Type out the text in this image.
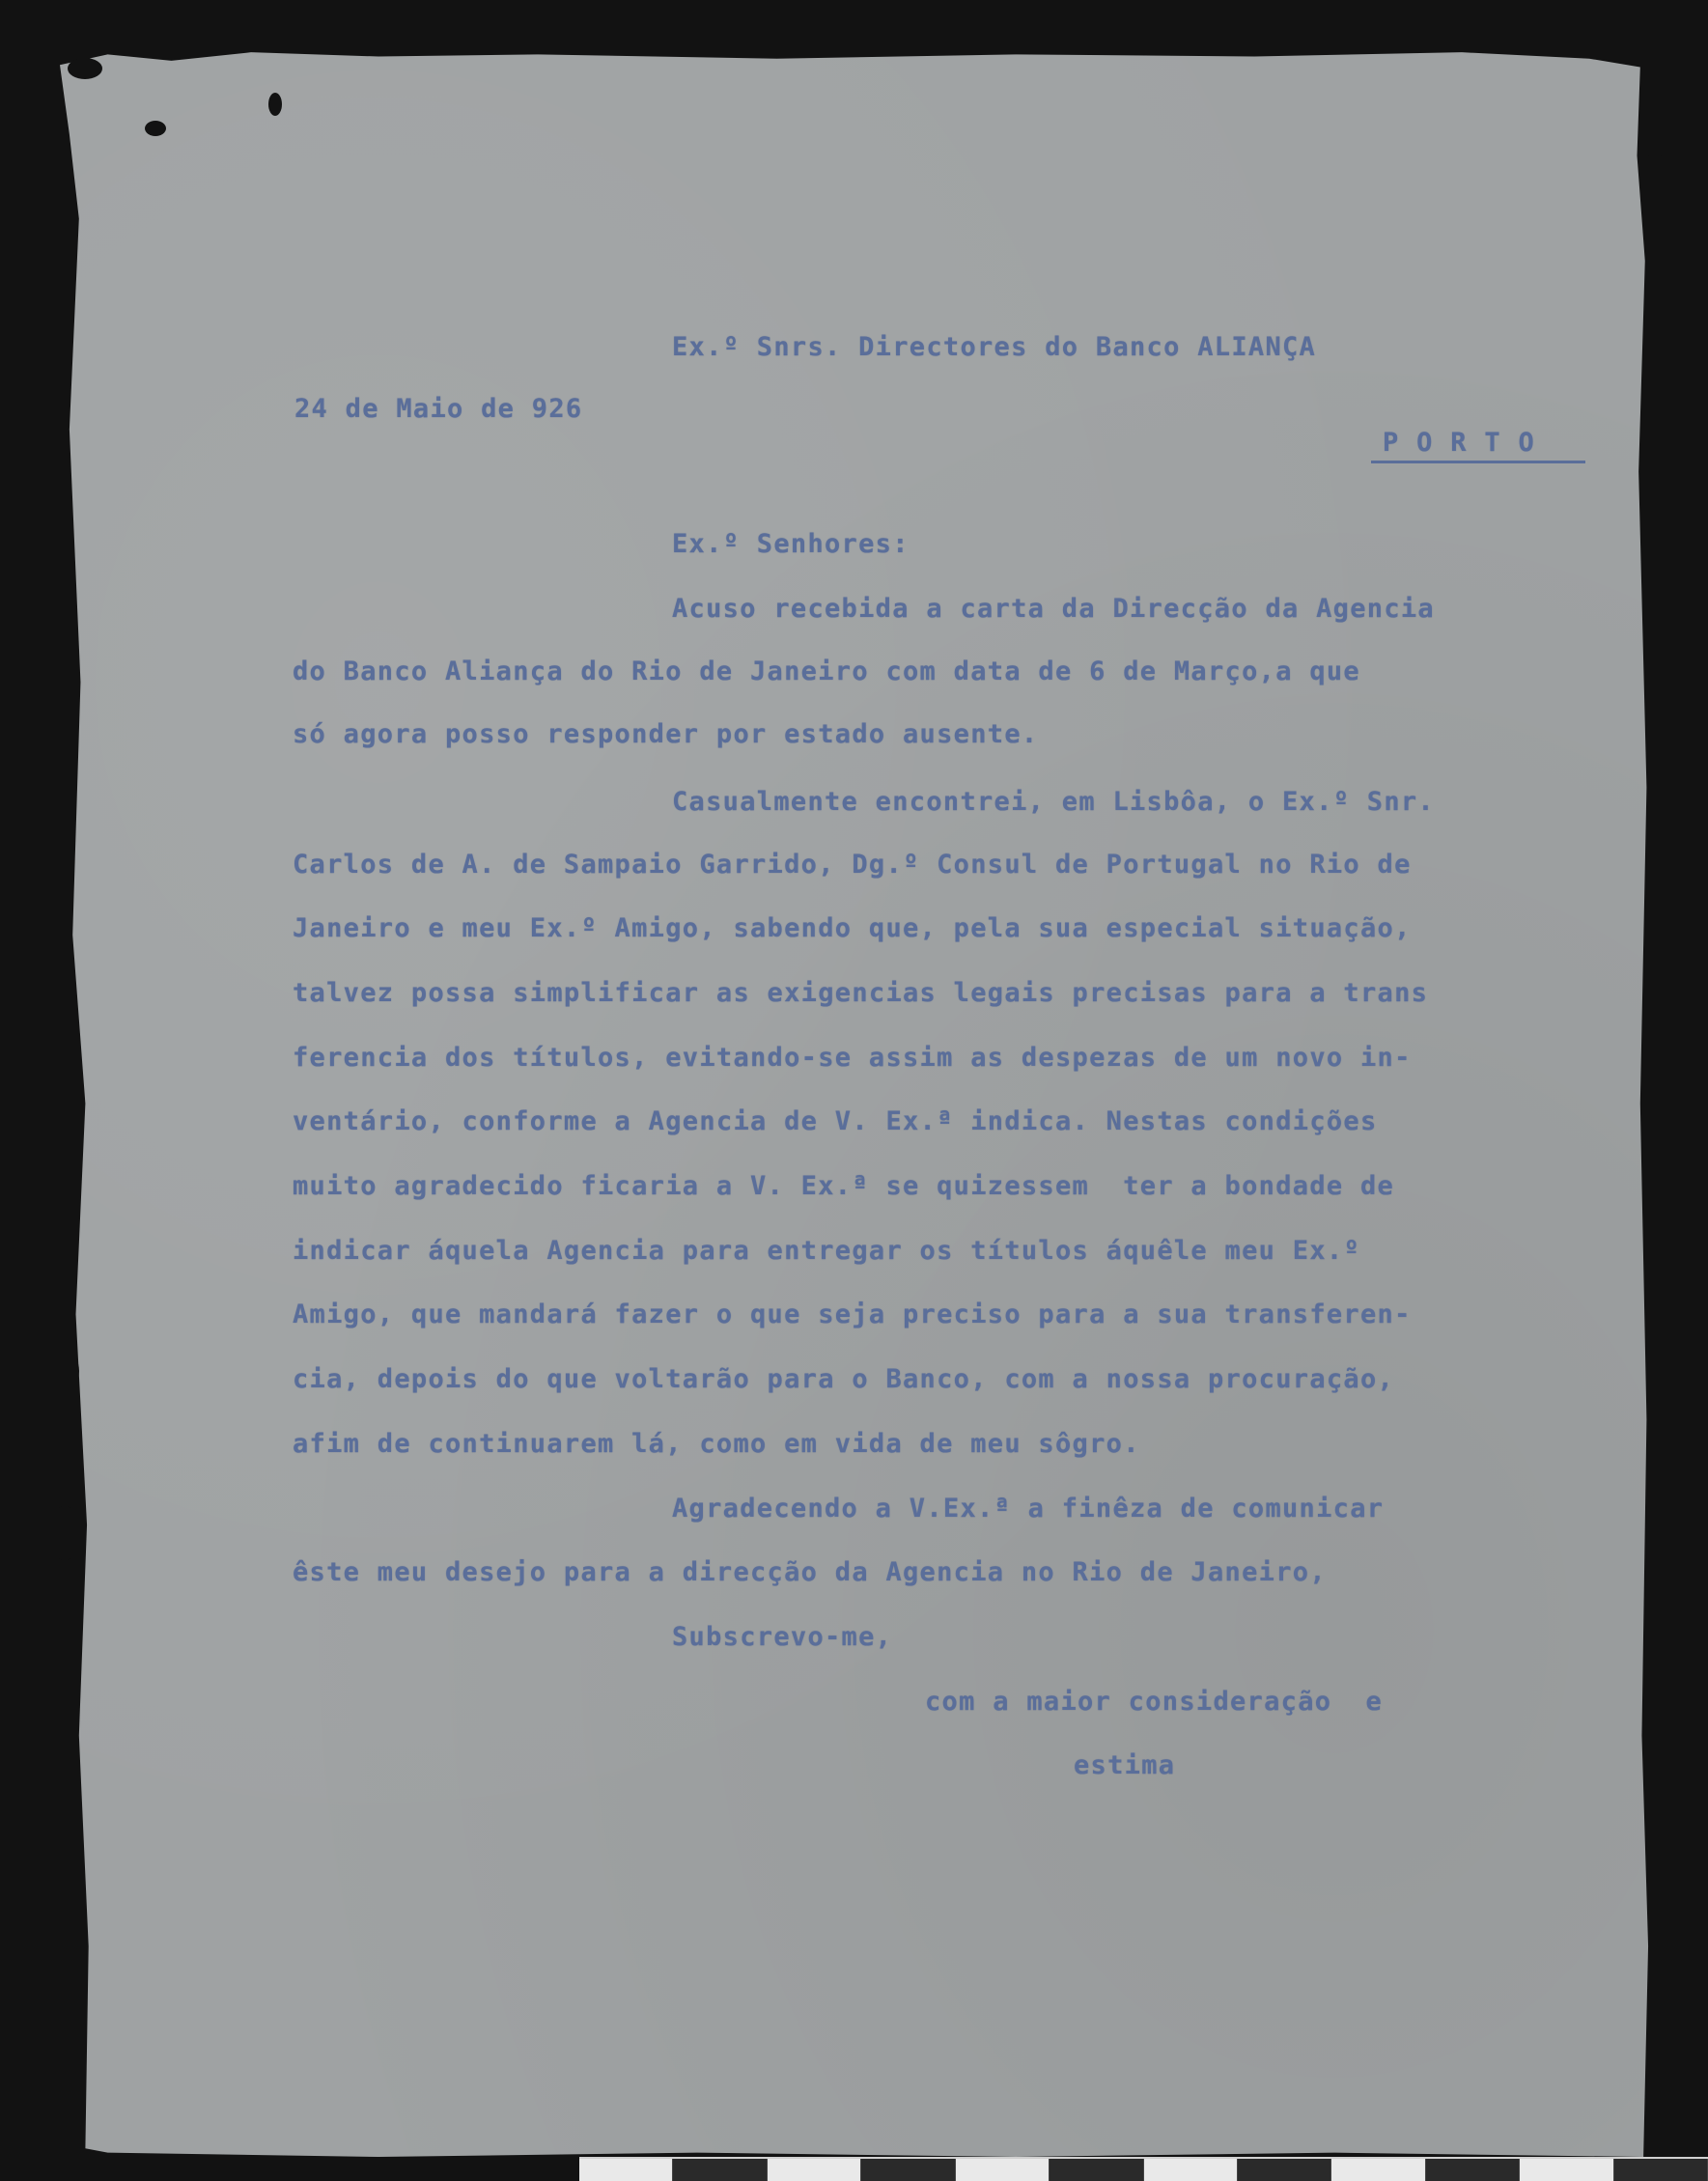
Ex.º Snrs. Directores do Banco ALIANÇA

24 de Maio de 926

P O R T O

Ex.º Senhores:

Acuso recebida a carta da Direcção da Agencia

do Banco Aliança do Rio de Janeiro com data de 6 de Março,a que

só agora posso responder por estado ausente.

Casualmente encontrei, em Lisbôa, o Ex.º Snr.

Carlos de A. de Sampaio Garrido, Dg.º Consul de Portugal no Rio de

Janeiro e meu Ex.º Amigo, sabendo que, pela sua especial situação,

talvez possa simplificar as exigencias legais precisas para a trans

ferencia dos títulos, evitando-se assim as despezas de um novo in-

ventário, conforme a Agencia de V. Ex.ª indica. Nestas condições

muito agradecido ficaria a V. Ex.ª se quizessem  ter a bondade de

indicar áquela Agencia para entregar os títulos áquêle meu Ex.º

Amigo, que mandará fazer o que seja preciso para a sua transferen-

cia, depois do que voltarão para o Banco, com a nossa procuração,

afim de continuarem lá, como em vida de meu sôgro.

Agradecendo a V.Ex.ª a finêza de comunicar

êste meu desejo para a direcção da Agencia no Rio de Janeiro,

Subscrevo-me,

com a maior consideração  e

estima
